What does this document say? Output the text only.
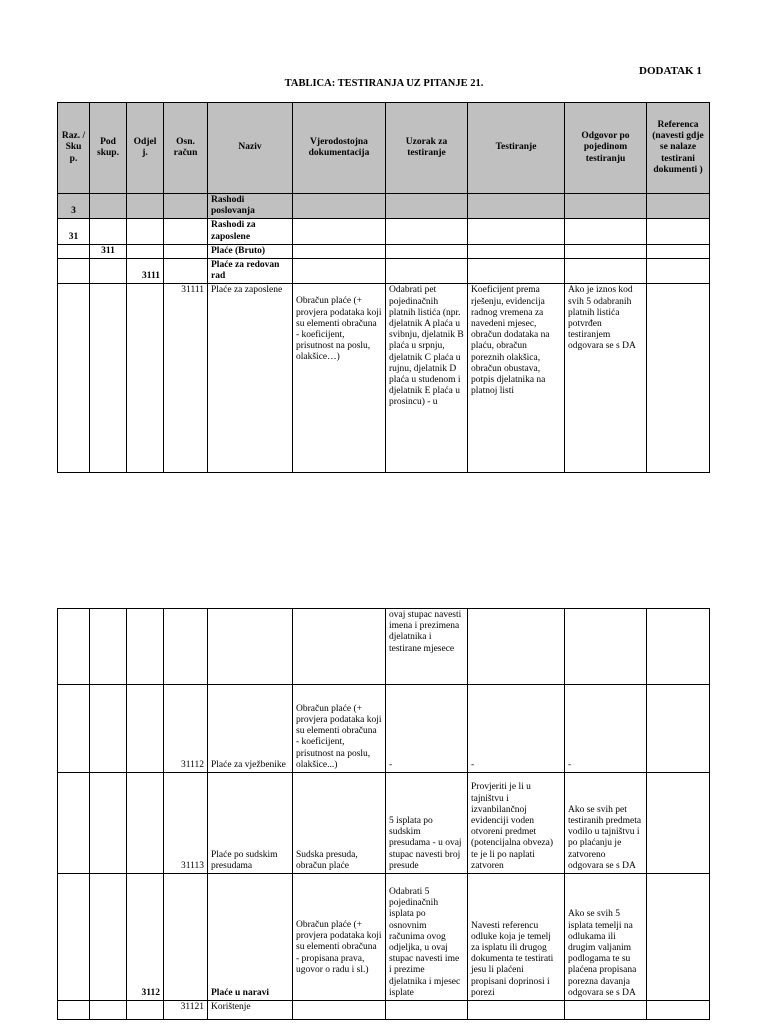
DODATAK 1
TABLICA: TESTIRANJA UZ PITANJE 21.
Raz. / Sku p.	Pod skup.	Odjel j.	Osn. račun	Naziv	Vjerodostojna dokumentacija	Uzorak za testiranje	Testiranje	Odgovor po pojedinom testiranju	Referenca (navesti gdje se nalaze testirani dokumenti )
3				Rashodi poslovanja					
31				Rashodi za zaposlene					
	311			Plaće (Bruto)					
		3111		Plaće za redovan rad					
			31111	Plaće za zaposlene	Obračun plaće (+ provjera podataka koji su elementi obračuna - koeficijent, prisutnost na poslu, olakšice…)	Odabrati pet pojedinačnih platnih listića (npr. djelatnik A plaća u svibnju, djelatnik B plaća u srpnju, djelatnik C plaća u rujnu, djelatnik D plaća u studenom i djelatnik E plaća u prosincu) - u	Koeficijent prema rješenju, evidencija radnog vremena za navedeni mjesec, obračun dodataka na plaću, obračun poreznih olakšica, obračun obustava, potpis djelatnika na platnoj listi	Ako je iznos kod svih 5 odabranih platnih listića potvrđen testiranjem odgovara se s DA	
						ovaj stupac navesti imena i prezimena djelatnika i testirane mjesece			
			31112	Plaće za vježbenike	Obračun plaće (+ provjera podataka koji su elementi obračuna - koeficijent, prisutnost na poslu, olakšice...)	-	-	-	
			31113	Plaće po sudskim presudama	Sudska presuda, obračun plaće	5 isplata po sudskim presudama - u ovaj stupac navesti broj presude	Provjeriti je li u tajništvu i izvanbilančnoj evidenciji voden otvoreni predmet (potencijalna obveza) te je li po naplati zatvoren	Ako se svih pet testiranih predmeta vodilo u tajništvu i po plaćanju je zatvoreno odgovara se s DA	
		3112		Plaće u naravi	Obračun plaće (+ provjera podataka koji su elementi obračuna - propisana prava, ugovor o radu i sl.)	Odabrati 5 pojedinačnih isplata po osnovnim računima ovog odjeljka, u ovaj stupac navesti ime i prezime djelatnika i mjesec isplate	Navesti referencu odluke koja je temelj za isplatu ili drugog dokumenta te testirati jesu li plaćeni propisani doprinosi i porezi	Ako se svih 5 isplata temelji na odlukama ili drugim valjanim podlogama te su plaćena propisana porezna davanja odgovara se s DA	
			31121	Korištenje					
